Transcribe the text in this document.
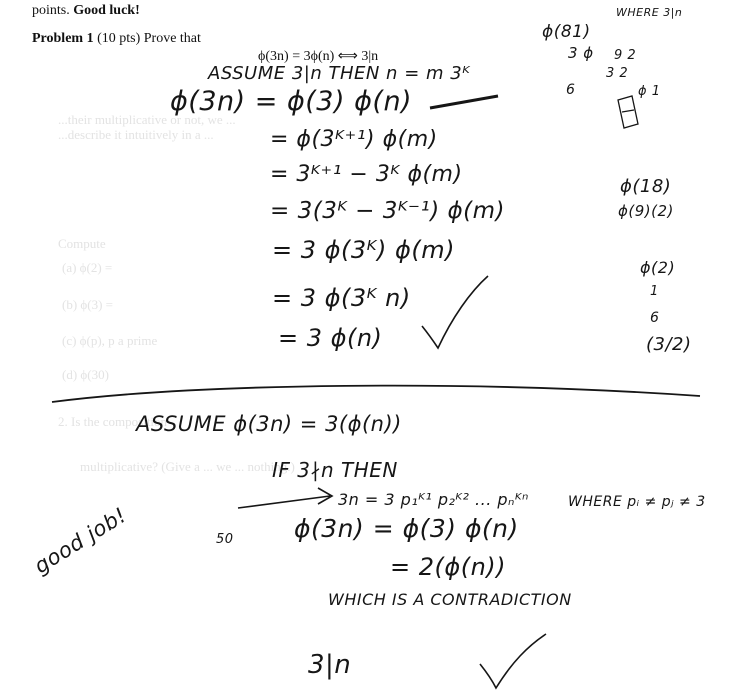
...their multiplicative or not, we ...
...describe it intuitively in a ...
Compute
(a) ϕ(2) =
(b) ϕ(3) =
(c) ϕ(p), p a prime
(d) ϕ(30)
2. Is the composition
multiplicative? (Give a ... we ... nothing.)
points. Good luck!
Problem 1 (10 pts) Prove that
ϕ(3n) = 3ϕ(n) ⟺ 3|n
ASSUME 3|n THEN n = m 3ᴷ
ϕ(3n) = ϕ(3) ϕ(n)
= ϕ(3ᴷ⁺¹) ϕ(m)
= 3ᴷ⁺¹ − 3ᴷ ϕ(m)
= 3(3ᴷ − 3ᴷ⁻¹) ϕ(m)
= 3 ϕ(3ᴷ) ϕ(m)
= 3 ϕ(3ᴷ n)
= 3 ϕ(n)
WHERE 3|n
ϕ(81)
3 ϕ 9 2
3 2
ϕ 1
6
ϕ(18)
ϕ(9)(2)
ϕ(2)
1
6
(3/2)
ASSUME ϕ(3n) = 3(ϕ(n))
IF 3∤n THEN
3n = 3 p₁ᴷ¹ p₂ᴷ² ... pₙᴷⁿ	WHERE pᵢ ≠ pⱼ ≠ 3
ϕ(3n) = ϕ(3) ϕ(n)
= 2(ϕ(n))
WHICH IS A CONTRADICTION
3|n
good job!	50
